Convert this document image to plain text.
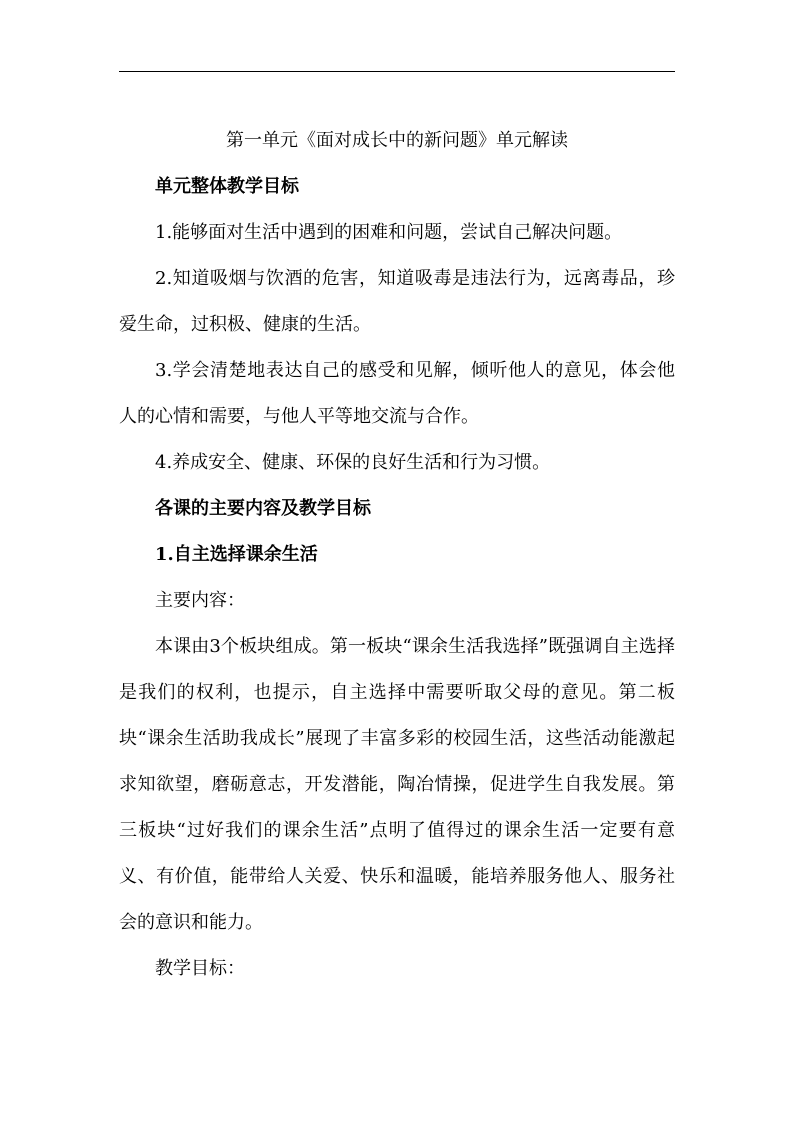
第一单元《面对成长中的新问题》单元解读

单元整体教学目标

1.能够面对生活中遇到的困难和问题，尝试自己解决问题。

2.知道吸烟与饮酒的危害，知道吸毒是违法行为，远离毒品，珍爱生命，过积极、健康的生活。

3.学会清楚地表达自己的感受和见解，倾听他人的意见，体会他人的心情和需要，与他人平等地交流与合作。

4.养成安全、健康、环保的良好生活和行为习惯。

各课的主要内容及教学目标

1.自主选择课余生活

主要内容：

本课由3个板块组成。第一板块“课余生活我选择”既强调自主选择是我们的权利，也提示，自主选择中需要听取父母的意见。第二板块“课余生活助我成长”展现了丰富多彩的校园生活，这些活动能激起求知欲望，磨砺意志，开发潜能，陶冶情操，促进学生自我发展。第三板块“过好我们的课余生活”点明了值得过的课余生活一定要有意义、有价值，能带给人关爱、快乐和温暖，能培养服务他人、服务社会的意识和能力。

教学目标：
